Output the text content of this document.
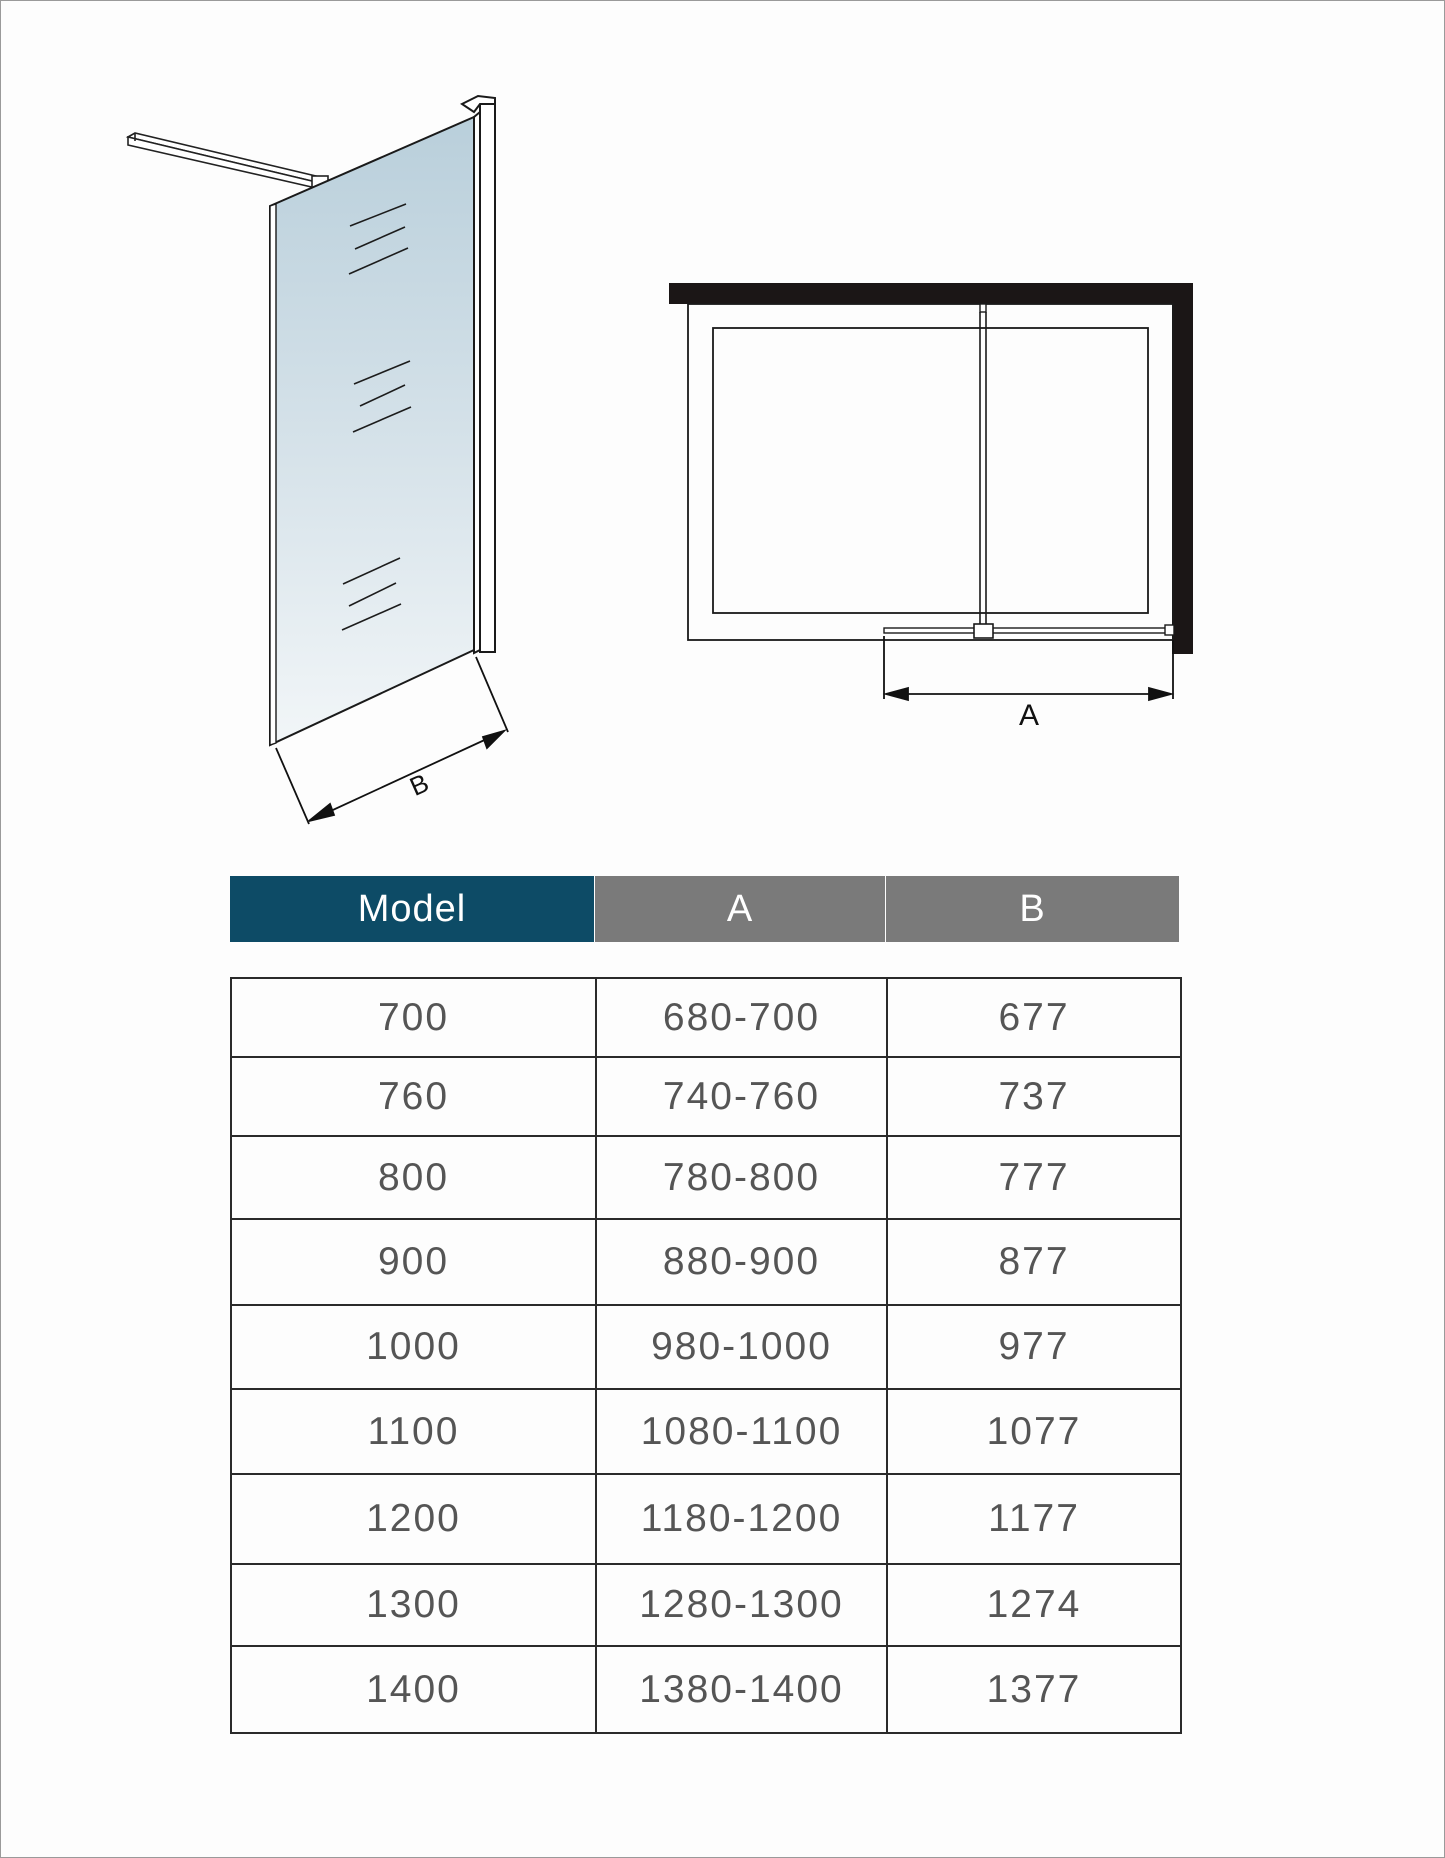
B
A
Model	A	B
700	680-700	677
760	740-760	737
800	780-800	777
900	880-900	877
1000	980-1000	977
1100	1080-1100	1077
1200	1180-1200	1177
1300	1280-1300	1274
1400	1380-1400	1377
